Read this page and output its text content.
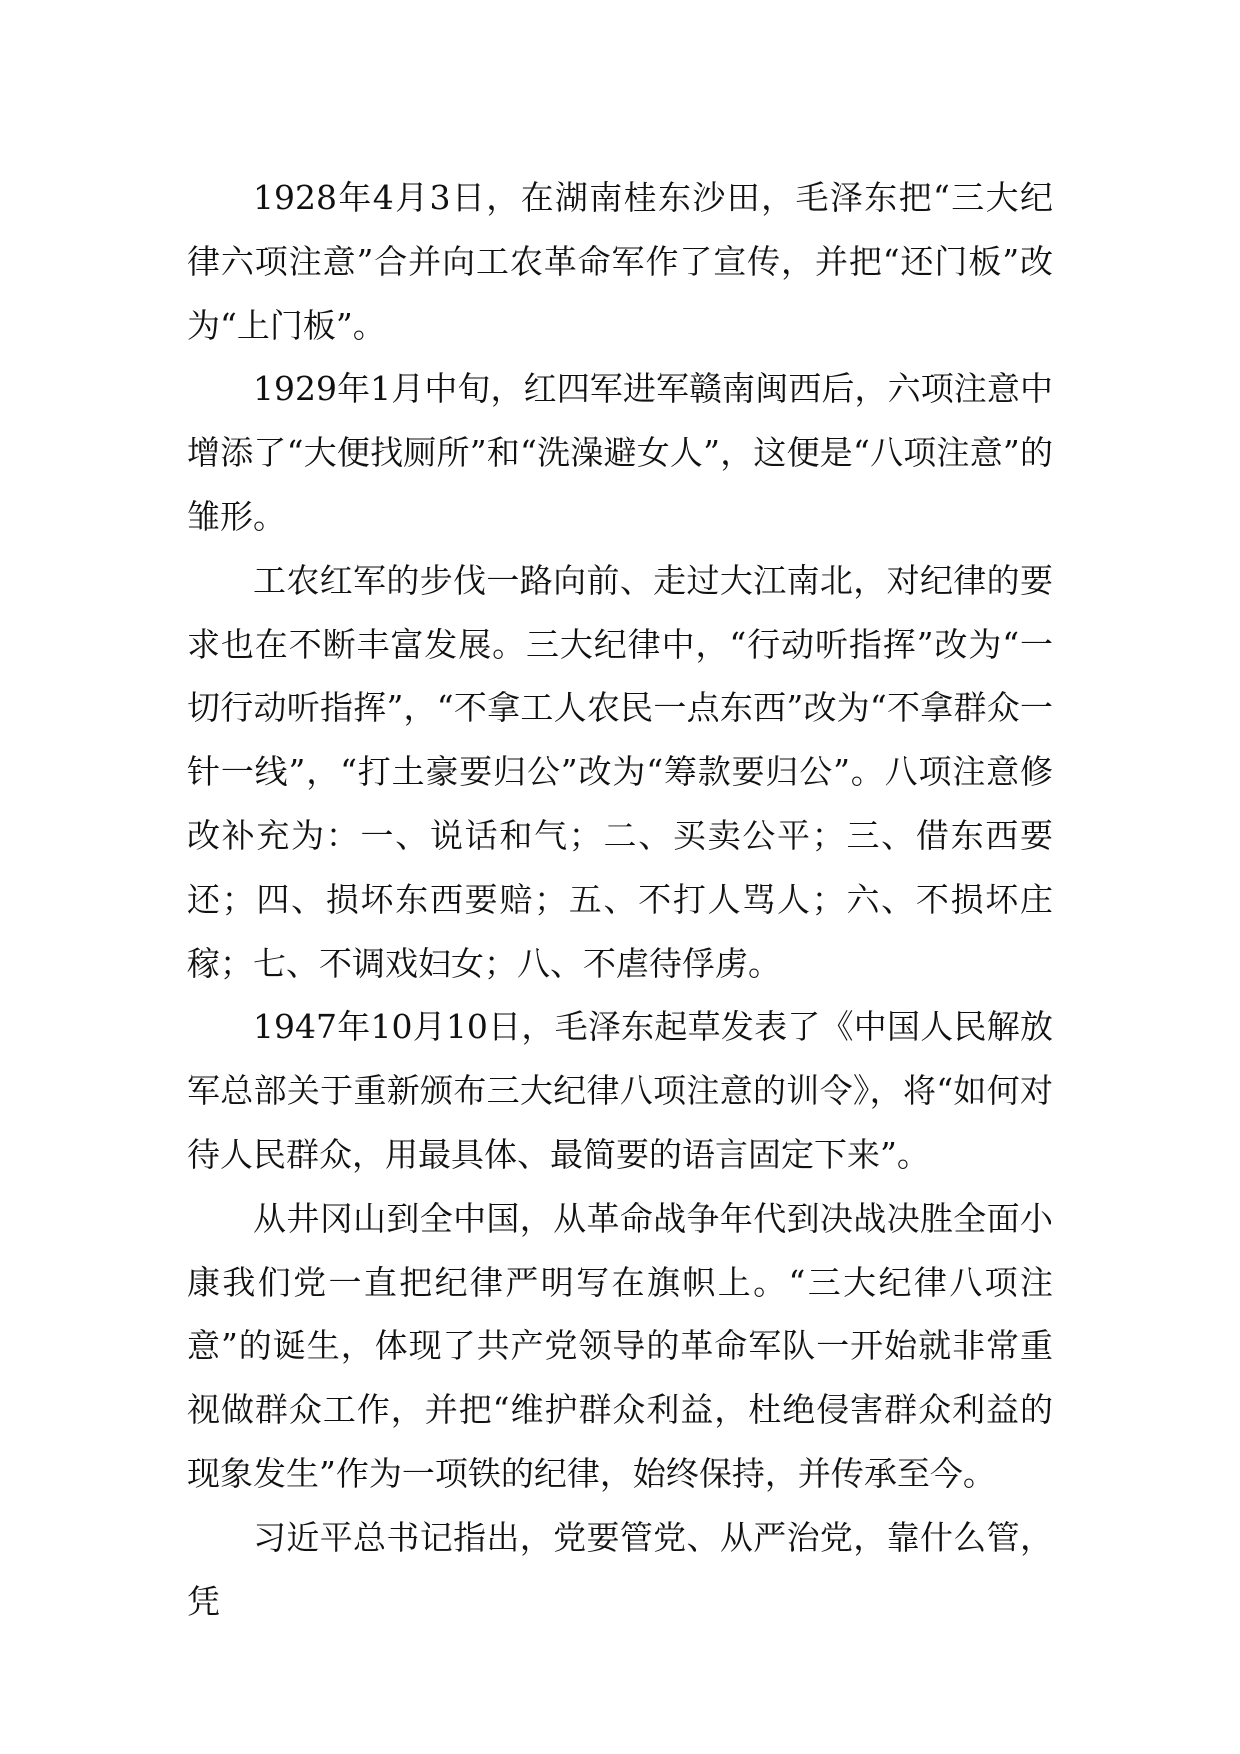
1928年4月3日，在湖南桂东沙田，毛泽东把“三大纪律六项注意”合并向工农革命军作了宣传，并把“还门板”改为“上门板”。

1929年1月中旬，红四军进军赣南闽西后，六项注意中增添了“大便找厕所”和“洗澡避女人”，这便是“八项注意”的雏形。

工农红军的步伐一路向前、走过大江南北，对纪律的要求也在不断丰富发展。三大纪律中，“行动听指挥”改为“一切行动听指挥”，“不拿工人农民一点东西”改为“不拿群众一针一线”，“打土豪要归公”改为“筹款要归公”。八项注意修改补充为：一、说话和气；二、买卖公平；三、借东西要还；四、损坏东西要赔；五、不打人骂人；六、不损坏庄稼；七、不调戏妇女；八、不虐待俘虏。

1947年10月10日，毛泽东起草发表了《中国人民解放军总部关于重新颁布三大纪律八项注意的训令》，将“如何对待人民群众，用最具体、最简要的语言固定下来”。

从井冈山到全中国，从革命战争年代到决战决胜全面小康我们党一直把纪律严明写在旗帜上。“三大纪律八项注意”的诞生，体现了共产党领导的革命军队一开始就非常重视做群众工作，并把“维护群众利益，杜绝侵害群众利益的现象发生”作为一项铁的纪律，始终保持，并传承至今。

习近平总书记指出，党要管党、从严治党，靠什么管，凭
